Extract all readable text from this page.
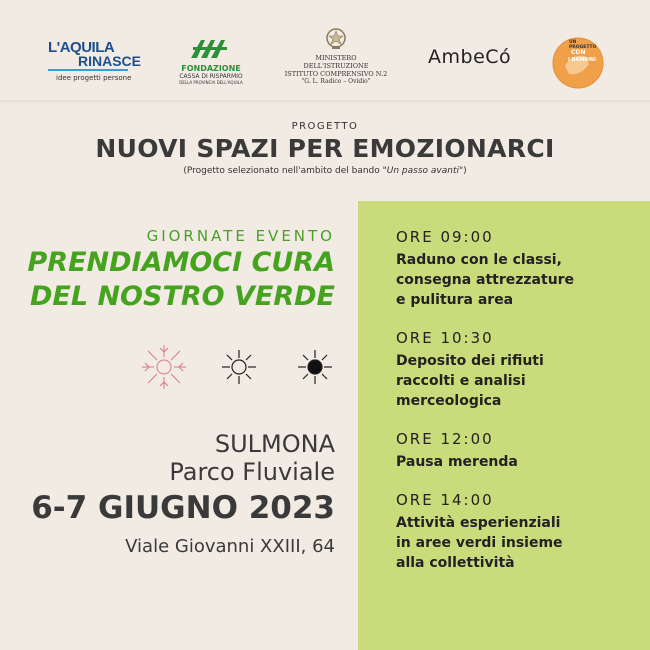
L'AQUILA
RINASCE
idee progetti persone
FONDAZIONE
CASSA DI RISPARMIO
DELLA PROVINCIA DELL'AQUILA
MINISTERO DELL'ISTRUZIONE
ISTITUTO COMPRENSIVO N.2
"G. L. Radice – Ovidio"
AmbeCó
UN PROGETTO
CON
I BAMBINI
PROGETTO
NUOVI SPAZI PER EMOZIONARCI
(Progetto selezionato nell'ambito del bando "Un passo avanti")
GIORNATE EVENTO
PRENDIAMOCI CURA
DEL NOSTRO VERDE
SULMONA
Parco Fluviale
6-7 GIUGNO 2023
Viale Giovanni XXIII, 64
ORE 09:00
Raduno con le classi,
consegna attrezzature
e pulitura area
ORE 10:30
Deposito dei rifiuti
raccolti e analisi
merceologica
ORE 12:00
Pausa merenda
ORE 14:00
Attività esperienziali
in aree verdi insieme
alla collettività
